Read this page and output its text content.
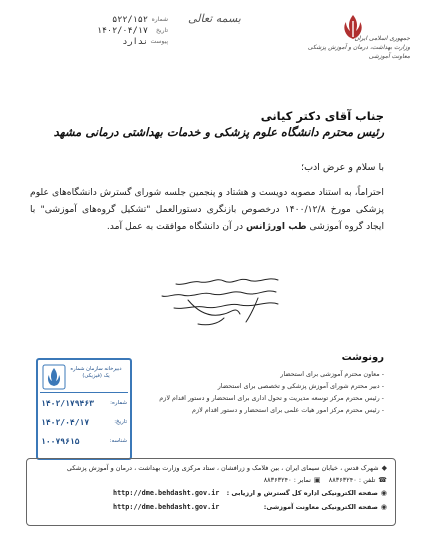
شماره
۵۲۲/۱۵۲
تاریخ
۱۴۰۲/۰۴/۱۷
پیوست
ندارد
بسمه تعالی
جمهوری اسلامی ایران
وزارت بهداشت، درمان و آموزش پزشکی
معاونت آموزشی
جناب آقای دکتر کیانی
رئیس محترم دانشگاه علوم پزشکی و خدمات بهداشتی درمانی مشهد
با سلام و عرض ادب؛
احتراماً، به استناد مصوبه دویست و هشتاد و پنجمین جلسه شورای گسترش دانشگاه‌های علوم پزشکی مورخ ۱۴۰۰/۱۲/۸ درخصوص بازنگری دستورالعمل "تشکیل گروه‌های آموزشی" با ایجاد گروه آموزشی طب اورژانس در آن دانشگاه موافقت به عمل آمد.
رونوشت
- معاون محترم آموزشی برای استحضار
- دبیر محترم شورای آموزش پزشکی و تخصصی برای استحضار
- رئیس محترم مرکز توسعه مدیریت و تحول اداری برای استحضار و دستور اقدام لازم
- رئیس محترم مرکز امور هیات علمی برای استحضار و دستور اقدام لازم
دبیرخانه سازمان شماره یک (فیزیکی)
۱۴۰۲/۱۷۹۴۶۳	شماره:
۱۴۰۲/۰۴/۱۷	تاریخ:
۱۰۰۷۹۶۱۵	شناسه:
◆شهرک قدس ، خیابان سیمای ایران ، بین فلامک و زرافشان ، ستاد مرکزی وزارت بهداشت ، درمان و آموزش پزشکی
☎تلفن : ۸۸۳۶۳۲۴۰    ▣نمابر : ۸۸۳۶۳۲۴۰
◉صفحه الکترونیکی اداره کل گسترش و ارزیابی :
http://dme.behdasht.gov.ir
◉صفحه الکترونیکی معاونت آموزشی:
http://dme.behdasht.gov.ir
